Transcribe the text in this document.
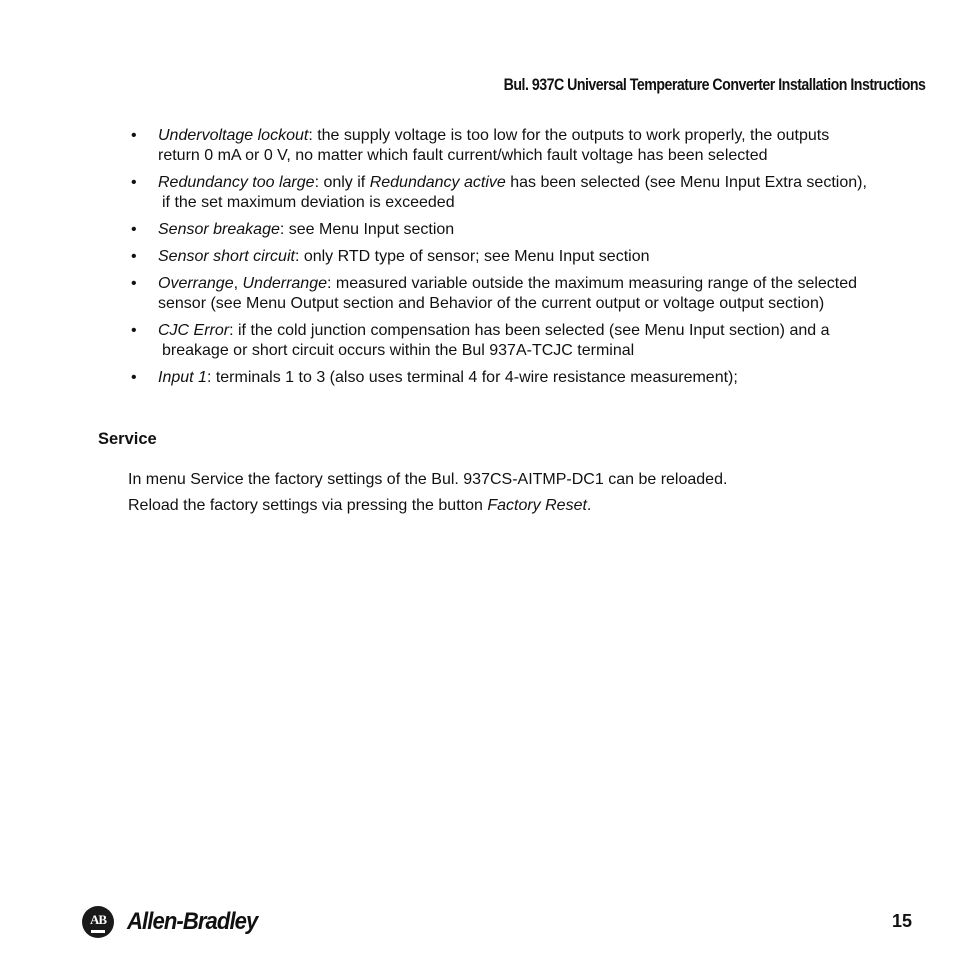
Bul. 937C Universal Temperature Converter Installation Instructions
• Undervoltage lockout: the supply voltage is too low for the outputs to work properly, the outputs
return 0 mA or 0 V, no matter which fault current/which fault voltage has been selected
• Redundancy too large: only if Redundancy active has been selected (see Menu Input Extra section),
if the set maximum deviation is exceeded
• Sensor breakage: see Menu Input section
• Sensor short circuit: only RTD type of sensor; see Menu Input section
• Overrange, Underrange: measured variable outside the maximum measuring range of the selected
sensor (see Menu Output section and Behavior of the current output or voltage output section)
• CJC Error: if the cold junction compensation has been selected (see Menu Input section) and a
breakage or short circuit occurs within the Bul 937A-TCJC terminal
• Input 1: terminals 1 to 3 (also uses terminal 4 for 4-wire resistance measurement);
Service
In menu Service the factory settings of the Bul. 937CS-AITMP-DC1 can be reloaded.
Reload the factory settings via pressing the button Factory Reset.
AB Allen-Bradley	15
